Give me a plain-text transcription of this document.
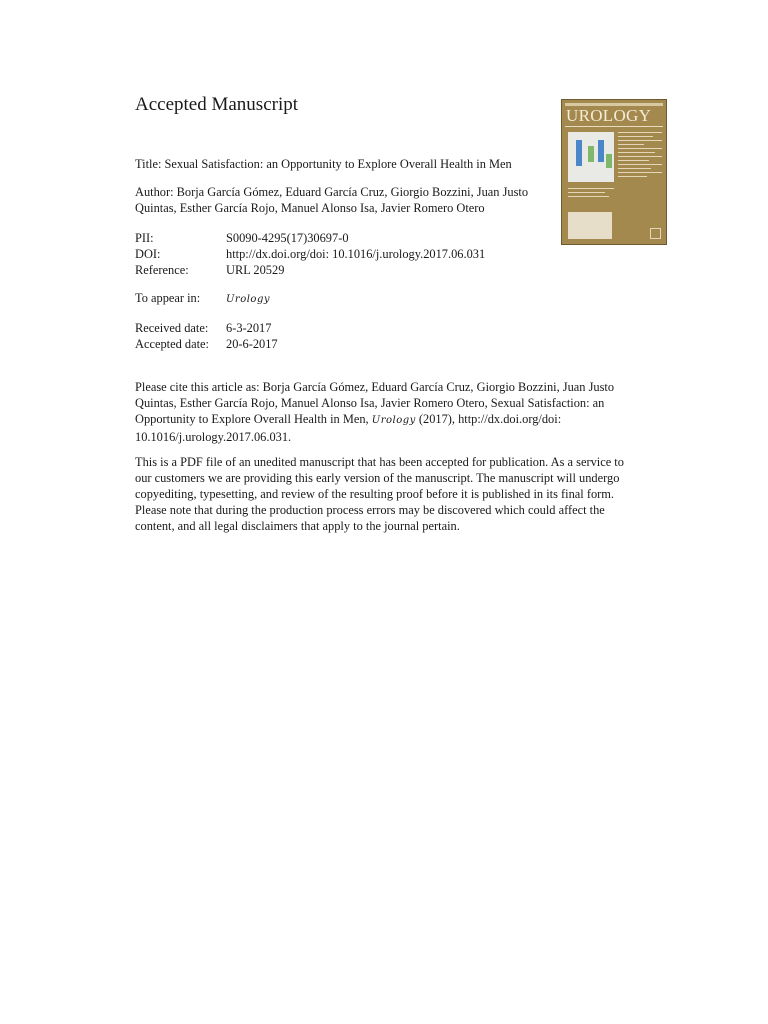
Accepted Manuscript

Title: Sexual Satisfaction: an Opportunity to Explore Overall Health in Men

Author: Borja García Gómez, Eduard García Cruz, Giorgio Bozzini, Juan Justo Quintas, Esther García Rojo, Manuel Alonso Isa, Javier Romero Otero

PII:	S0090-4295(17)30697-0
DOI:	http://dx.doi.org/doi: 10.1016/j.urology.2017.06.031
Reference:	URL 20529
To appear in:	Urology
Received date:	6-3-2017
Accepted date:	20-6-2017

Please cite this article as: Borja García Gómez, Eduard García Cruz, Giorgio Bozzini, Juan Justo Quintas, Esther García Rojo, Manuel Alonso Isa, Javier Romero Otero, Sexual Satisfaction: an Opportunity to Explore Overall Health in Men, Urology (2017), http://dx.doi.org/doi: 10.1016/j.urology.2017.06.031.

This is a PDF file of an unedited manuscript that has been accepted for publication. As a service to our customers we are providing this early version of the manuscript. The manuscript will undergo copyediting, typesetting, and review of the resulting proof before it is published in its final form. Please note that during the production process errors may be discovered which could affect the content, and all legal disclaimers that apply to the journal pertain.

UROLOGY
